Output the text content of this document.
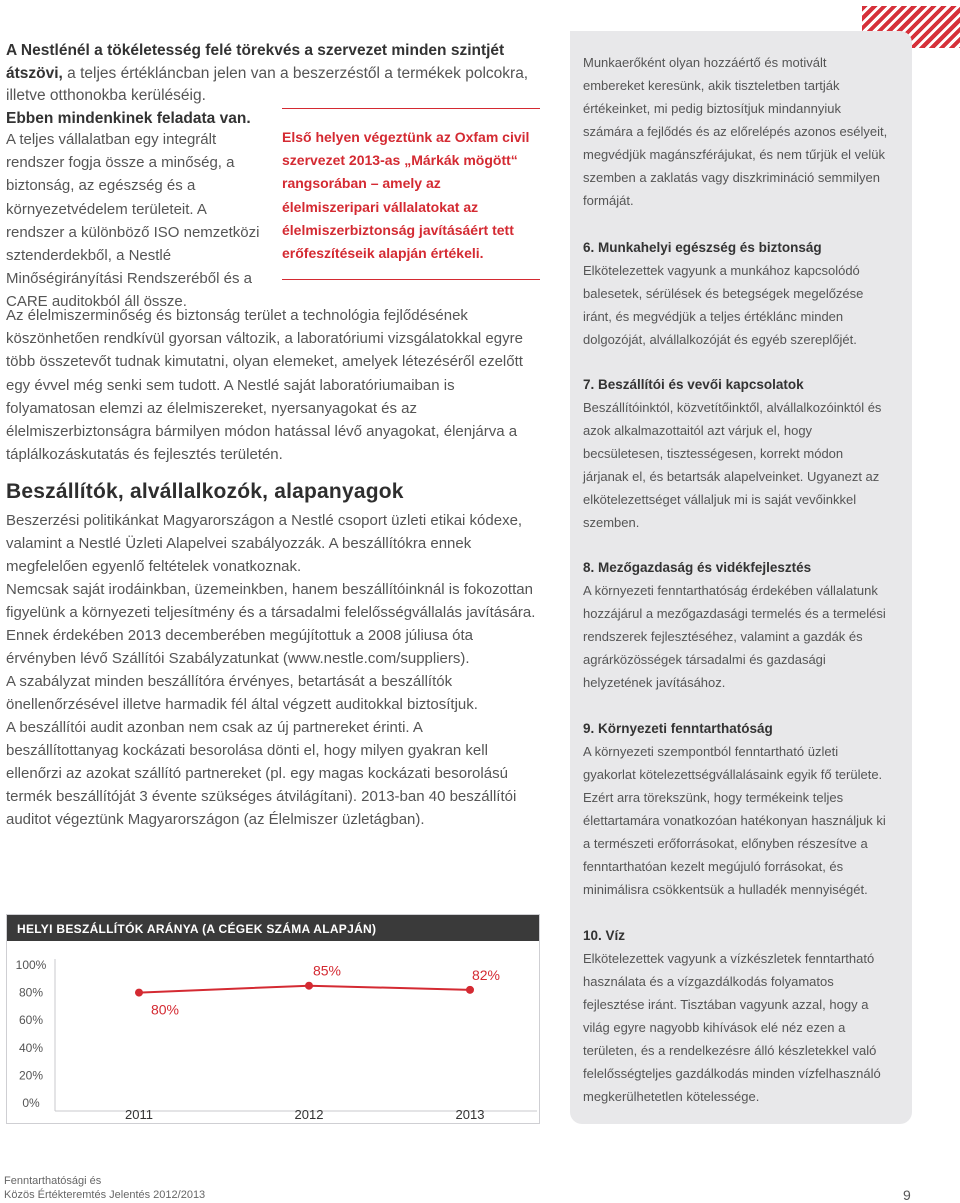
A Nestlénél a tökéletesség felé törekvés a szervezet minden szintjét átszövi, a teljes értékláncban jelen van a beszerzéstől a termékek polcokra, illetve otthonokba kerüléséig.

Ebben mindenkinek feladata van.

A teljes vállalatban egy integrált rendszer fogja össze a minőség, a biztonság, az egészség és a környezetvédelem területeit. A rendszer a különböző ISO nemzetközi sztenderdekből, a Nestlé Minőségirányítási Rendszeréből és a CARE auditokból áll össze.
Első helyen végeztünk az Oxfam civil szervezet 2013-as „Márkák mögött“ rangsorában – amely az élelmiszeripari vállalatokat az élelmiszerbiztonság javításáért tett erőfeszítéseik alapján értékeli.

Az élelmiszerminőség és biztonság terület a technológia fejlődésének köszönhetően rendkívül gyorsan változik, a laboratóriumi vizsgálatokkal egyre több összetevőt tudnak kimutatni, olyan elemeket, amelyek létezéséről ezelőtt egy évvel még senki sem tudott. A Nestlé saját laboratóriumaiban is folyamatosan elemzi az élelmiszereket, nyersanyagokat és az élelmiszerbiztonságra bármilyen módon hatással lévő anyagokat, élenjárva a táplálkozáskutatás és fejlesztés területén.

Beszállítók, alvállalkozók, alapanyagok

Beszerzési politikánkat Magyarországon a Nestlé csoport üzleti etikai kódexe, valamint a Nestlé Üzleti Alapelvei szabályozzák. A beszállítókra ennek megfelelően egyenlő feltételek vonatkoznak.

Nemcsak saját irodáinkban, üzemeinkben, hanem beszállítóinknál is fokozottan figyelünk a környezeti teljesítmény és a társadalmi felelősségvállalás javítására. Ennek érdekében 2013 decemberében megújítottuk a 2008 júliusa óta érvényben lévő Szállítói Szabályzatunkat (www.nestle.com/suppliers).

A szabályzat minden beszállítóra érvényes, betartását a beszállítók önellenőrzésével illetve harmadik fél által végzett auditokkal biztosítjuk.

A beszállítói audit azonban nem csak az új partnereket érinti. A beszállítottanyag kockázati besorolása dönti el, hogy milyen gyakran kell ellenőrzi az azokat szállító partnereket (pl. egy magas kockázati besorolású termék beszállítóját 3 évente szükséges átvilágítani). 2013-ban 40 beszállítói auditot végeztünk Magyarországon (az Élelmiszer üzletágban).

Munkaerőként olyan hozzáértő és motivált embereket keresünk, akik tiszteletben tartják értékeinket, mi pedig biztosítjuk mindannyiuk számára a fejlődés és az előrelépés azonos esélyeit, megvédjük magánszférájukat, és nem tűrjük el velük szemben a zaklatás vagy diszkrimináció semmilyen formáját.

6. Munkahelyi egészség és biztonság

Elkötelezettek vagyunk a munkához kapcsolódó balesetek, sérülések és betegségek megelőzése iránt, és megvédjük a teljes értéklánc minden dolgozóját, alvállalkozóját és egyéb szereplőjét.

7. Beszállítói és vevői kapcsolatok

Beszállítóinktól, közvetítőinktől, alvállalkozóinktól és azok alkalmazottaitól azt várjuk el, hogy becsületesen, tisztességesen, korrekt módon járjanak el, és betartsák alapelveinket. Ugyanezt az elkötelezettséget vállaljuk mi is saját vevőinkkel szemben.

8. Mezőgazdaság és vidékfejlesztés

A környezeti fenntarthatóság érdekében vállalatunk hozzájárul a mezőgazdasági termelés és a termelési rendszerek fejlesztéséhez, valamint a gazdák és agrárközösségek társadalmi és gazdasági helyzetének javításához.

9. Környezeti fenntarthatóság

A környezeti szempontból fenntartható üzleti gyakorlat kötelezettségvállalásaink egyik fő területe. Ezért arra törekszünk, hogy termékeink teljes élettartamára vonatkozóan hatékonyan használjuk ki a természeti erőforrásokat, előnyben részesítve a fenntarthatóan kezelt megújuló forrásokat, és minimálisra csökkentsük a hulladék mennyiségét.

10. Víz

Elkötelezettek vagyunk a vízkészletek fenntartható használata és a vízgazdálkodás folyamatos fejlesztése iránt. Tisztában vagyunk azzal, hogy a világ egyre nagyobb kihívások elé néz ezen a területen, és a rendelkezésre álló készletekkel való felelősségteljes gazdálkodás minden vízfelhasználó megkerülhetetlen kötelessége.

HELYI BESZÁLLÍTÓK ARÁNYA (A CÉGEK SZÁMA ALAPJÁN)
100%
80%
60%
40%
20%
0%
80%
2011
85%
2012
82%
2013
Fenntarthatósági és
Közös Értékteremtés Jelentés 2012/2013	9
